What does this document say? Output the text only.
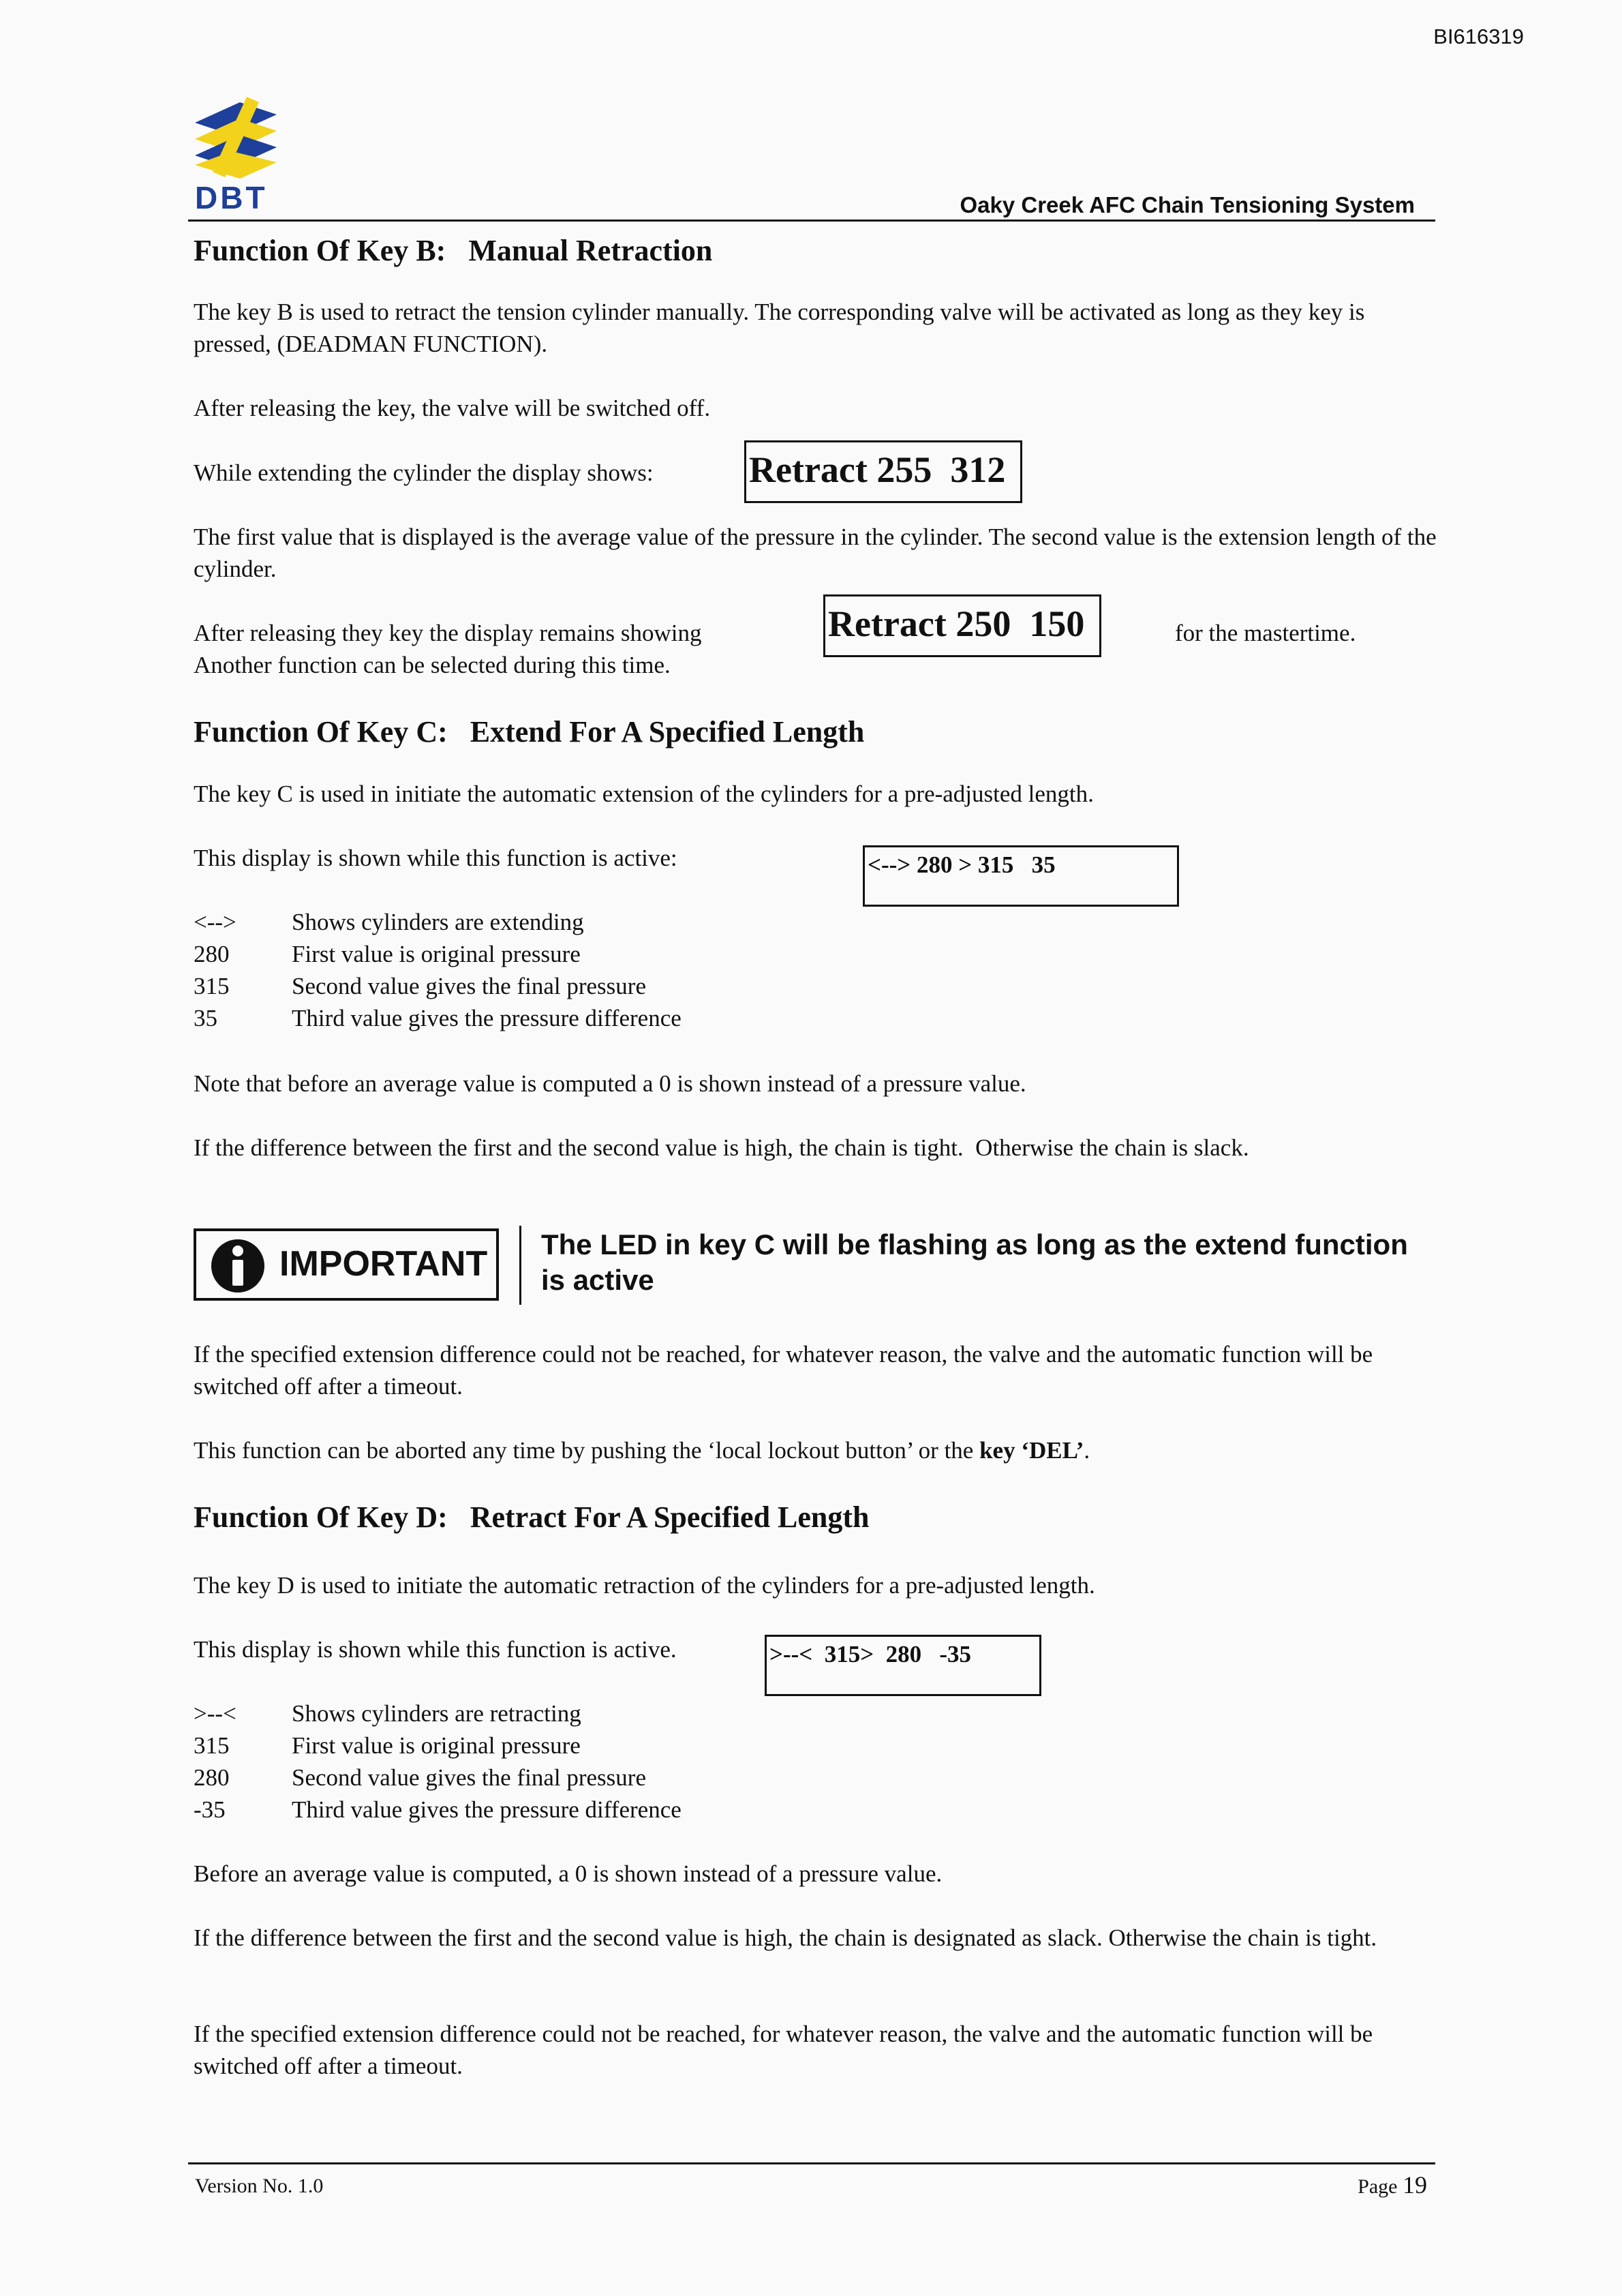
BI616319
DBT	Oaky Creek AFC Chain Tensioning System
Function Of Key B:   Manual Retraction
The key B is used to retract the tension cylinder manually. The corresponding valve will be activated as long as they key is pressed, (DEADMAN FUNCTION).
After releasing the key, the valve will be switched off.
While extending the cylinder the display shows:	Retract 255  312
The first value that is displayed is the average value of the pressure in the cylinder. The second value is the extension length of the cylinder.
After releasing they key the display remains showing	Retract 250  150	for the mastertime.
Another function can be selected during this time.
Function Of Key C:   Extend For A Specified Length
The key C is used in initiate the automatic extension of the cylinders for a pre-adjusted length.
This display is shown while this function is active:	<--> 280 > 315   35
<--> Shows cylinders are extending
280	First value is original pressure
315	Second value gives the final pressure
35	Third value gives the pressure difference
Note that before an average value is computed a 0 is shown instead of a pressure value.
If the difference between the first and the second value is high, the chain is tight.  Otherwise the chain is slack.
IMPORTANT The LED in key C will be flashing as long as the extend function is active
If the specified extension difference could not be reached, for whatever reason, the valve and the automatic function will be switched off after a timeout.
This function can be aborted any time by pushing the ‘local lockout button’ or the key ‘DEL’.
Function Of Key D:   Retract For A Specified Length
The key D is used to initiate the automatic retraction of the cylinders for a pre-adjusted length.
This display is shown while this function is active.	>--<  315>  280   -35
>--< Shows cylinders are retracting
315	First value is original pressure
280	Second value gives the final pressure
-35	Third value gives the pressure difference
Before an average value is computed, a 0 is shown instead of a pressure value.
If the difference between the first and the second value is high, the chain is designated as slack. Otherwise the chain is tight.
If the specified extension difference could not be reached, for whatever reason, the valve and the automatic function will be switched off after a timeout.
Version No. 1.0	Page 19
